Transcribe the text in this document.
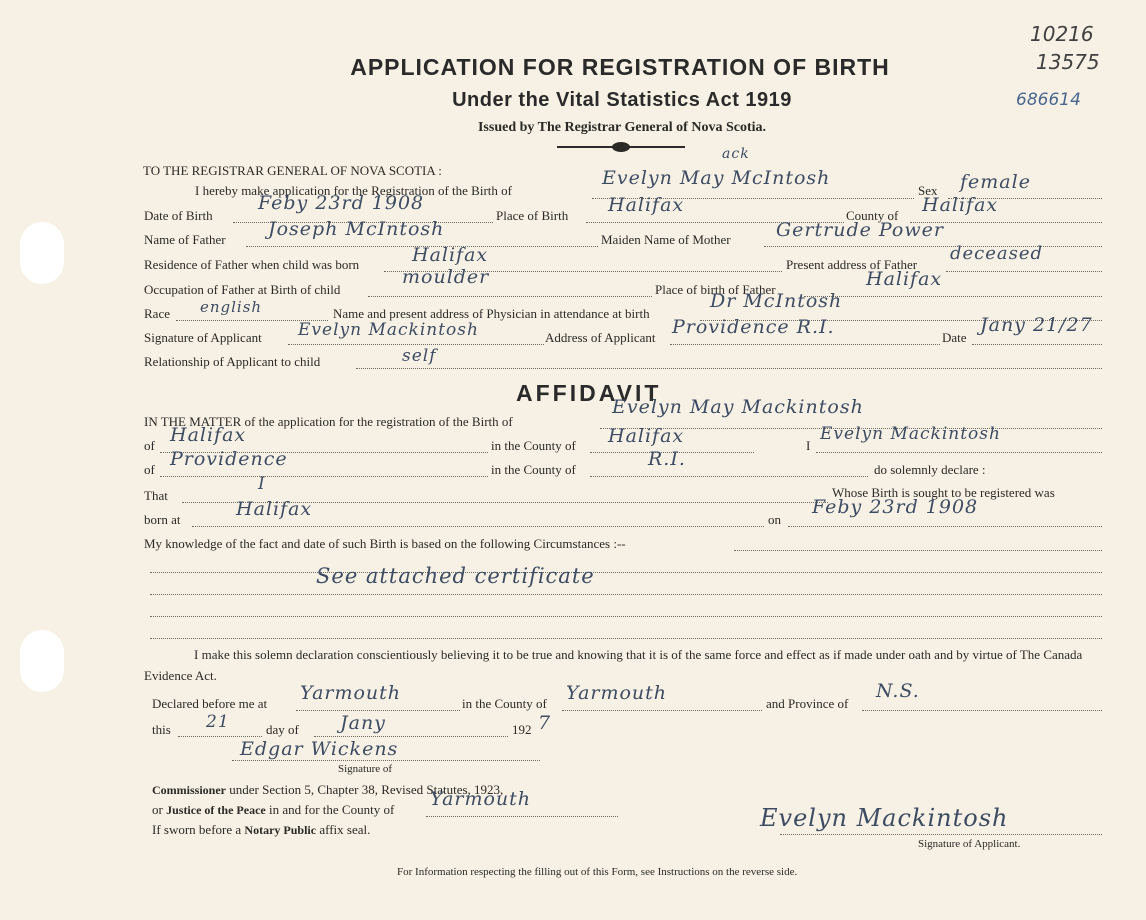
10216
13575
686614
APPLICATION FOR REGISTRATION OF BIRTH
Under the Vital Statistics Act 1919
Issued by The Registrar General of Nova Scotia.
TO THE REGISTRAR GENERAL OF NOVA SCOTIA :
I hereby make application for the Registration of the Birth of
ack
Evelyn May McIntosh
Sex female
Date of Birth
Feby 23rd 1908
Place of Birth Halifax	County of Halifax
Name of Father Joseph McIntosh	Maiden Name of Mother Gertrude Power
Residence of Father when child was born	Halifax	Present address of Father
deceased
Occupation of Father at Birth of child
moulder
Place of birth of Father	Halifax
Race english	Name and present address of Physician in attendance at birth
Dr McIntosh
Signature of Applicant Evelyn Mackintosh	Address of Applicant Providence R.I.	Date
Jany 21/27
Relationship of Applicant to child	self
AFFIDAVIT
IN THE MATTER of the application for the registration of the Birth of
Evelyn May Mackintosh
of Halifax	in the County of Halifax	I
Evelyn Mackintosh
of Providence	in the County of	R.I.	do solemnly declare :
That
I	Whose Birth is sought to be registered was
born at	Halifax	on
Feby 23rd 1908
My knowledge of the fact and date of such Birth is based on the following Circumstances :--
See attached certificate
I make this solemn declaration conscientiously believing it to be true and knowing that it is of the same force and effect as if made under oath and by virtue of The Canada Evidence Act.
Declared before me at Yarmouth	in the County of Yarmouth	and Province of
N.S.
this 21	day of Jany	192 7
Edgar Wickens
Signature of
Commissioner under Section 5, Chapter 38, Revised Statutes, 1923,
or Justice of the Peace in and for the County of Yarmouth
If sworn before a Notary Public affix seal.	Evelyn Mackintosh
Signature of Applicant.
For Information respecting the filling out of this Form, see Instructions on the reverse side.
